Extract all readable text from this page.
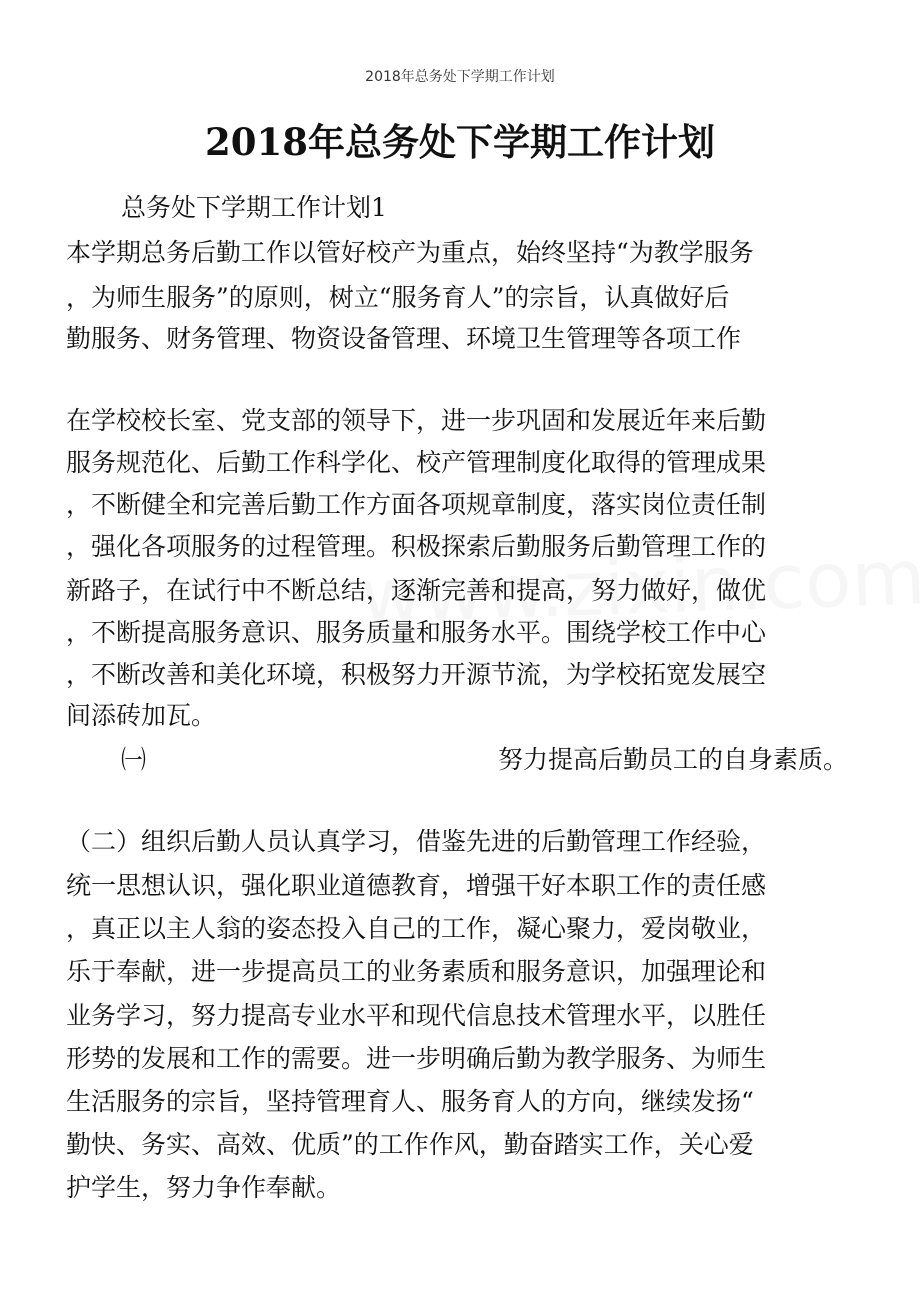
2018年总务处下学期工作计划
2018年总务处下学期工作计划
总务处下学期工作计划1
本学期总务后勤工作以管好校产为重点，始终坚持“为教学服务
，为师生服务”的原则，树立“服务育人”的宗旨，认真做好后
勤服务、财务管理、物资设备管理、环境卫生管理等各项工作
在学校校长室、党支部的领导下，进一步巩固和发展近年来后勤
服务规范化、后勤工作科学化、校产管理制度化取得的管理成果
，不断健全和完善后勤工作方面各项规章制度，落实岗位责任制
，强化各项服务的过程管理。积极探索后勤服务后勤管理工作的
新路子，在试行中不断总结，逐渐完善和提高，努力做好，做优
，不断提高服务意识、服务质量和服务水平。围绕学校工作中心
，不断改善和美化环境，积极努力开源节流，为学校拓宽发展空
间添砖加瓦。
㈠	努力提高后勤员工的自身素质。
（二）组织后勤人员认真学习，借鉴先进的后勤管理工作经验，
统一思想认识，强化职业道德教育，增强干好本职工作的责任感
，真正以主人翁的姿态投入自己的工作，凝心聚力，爱岗敬业，
乐于奉献，进一步提高员工的业务素质和服务意识，加强理论和
业务学习，努力提高专业水平和现代信息技术管理水平，以胜任
形势的发展和工作的需要。进一步明确后勤为教学服务、为师生
生活服务的宗旨，坚持管理育人、服务育人的方向，继续发扬“
勤快、务实、高效、优质”的工作作风，勤奋踏实工作，关心爱
护学生，努力争作奉献。
